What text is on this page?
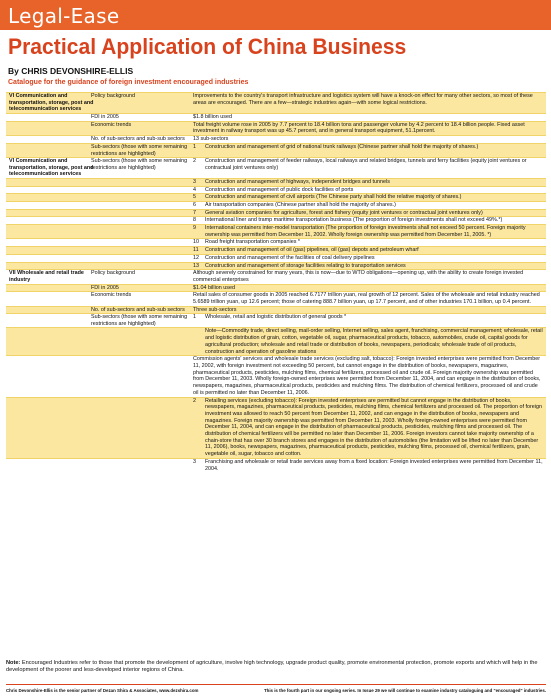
Legal-Ease
Practical Application of China Business
By CHRIS DEVONSHIRE-ELLIS
Catalogue for the guidance of foreign investment encouraged industries
VI Communication and transportation, storage, post and telecommunication services
Policy background	Improvements to the country's transport infrastructure and logistics system will have a knock-on effect for many other sectors, so most of these areas are encouraged. There are a few—strategic industries again—with some logical restrictions.
FDI in 2005	$1.8 billion used
Economic trends	Total freight volume rose in 2005 by 7.7 percent to 18.4 billion tons and passenger volume by 4.2 percent to 18.4 billion people. Fixed asset investment in railway transport was up 45.7 percent, and in general transport equipment, 51.1percent.
No. of sub-sectors and sub-sub sectors	13 sub-sectors
Sub-sectors (those with some remaining restrictions are highlighted)
1	Construction and management of grid of national trunk railways (Chinese partner shall hold the majority of shares.)
VI Communication and transportation, storage, post and telecommunication services
Sub-sectors (those with some remaining restrictions are highlighted)
2	Construction and management of feeder railways, local railways and related bridges, tunnels and ferry facilities (equity joint ventures or contractual joint ventures only)
3	Construction and management of highways, independent bridges and tunnels
4	Construction and management of public dock facilities of ports
5	Construction and management of civil airports (The Chinese party shall hold the relative majority of shares.)
6	Air transportation companies (Chinese partner shall hold the majority of shares.)
7	General aviation companies for agriculture, forest and fishery (equity joint ventures or contractual joint ventures only)
8	International liner and tramp maritime transportation business (The proportion of foreign investments shall not exceed 49%.*)
9	International containers inter-model transportation (The proportion of foreign investments shall not exceed 50 percent. Foreign majority ownership was permitted from December 11, 2002. Wholly foreign ownership was permitted from December 11, 2005. *)
10	Road freight transportation companies *
11	Construction and management of oil (gas) pipelines, oil (gas) depots and petroleum wharf
12	Construction and management of the facilities of coal delivery pipelines
13	Construction and management of storage facilities relating to transportation services
VII Wholesale and retail trade industry
Policy background	Although severely constrained for many years, this is now—due to WTO obligations—opening up, with the ability to create foreign invested commercial enterprises
FDI in 2005	$1.04 billion used
Economic trends	Retail sales of consumer goods in 2005 reached 6.7177 trillion yuan, real growth of 12 percent. Sales of the wholesale and retail industry reached 5.6589 trillion yuan, up 12.6 percent; those of catering 888.7 billion yuan, up 17.7 percent, and of other industries 170.1 billion, up 0.4 percent.
No. of sub-sectors and sub-sub sectors	Three sub-sectors
Sub-sectors (those with some remaining restrictions are highlighted)
1	Wholesale, retail and logistic distribution of general goods *
Note—Commodity trade, direct selling, mail-order selling, Internet selling, sales agent, franchising, commercial management; wholesale, retail and logistic distribution of grain, cotton, vegetable oil, sugar, pharmaceutical products, tobacco, automobiles, crude oil, capital goods for agricultural production; wholesale and retail trade or distribution of books, newspapers, periodicals; wholesale trade of oil products, construction and operation of gasoline stations
Commission agents' services and wholesale trade services (excluding salt, tobacco): Foreign invested enterprises were permitted from December 11, 2002, with foreign investment not exceeding 50 percent, but cannot engage in the distribution of books, newspapers, magazines, pharmaceutical products, pesticides, mulching films, chemical fertilizers, processed oil and crude oil. Foreign majority ownership was permitted from December 11, 2003. Wholly foreign-owned enterprises were permitted from December 11, 2004, and can engage in the distribution of books, newspapers, magazines, pharmaceutical products, pesticides and mulching films. The distribution of chemical fertilizers, processed oil and crude oil is permitted no later than December 11, 2006.
2	Retailing services (excluding tobacco): Foreign invested enterprises are permitted but cannot engage in the distribution of books, newspapers, magazines, pharmaceutical products, pesticides, mulching films, chemical fertilizers and processed oil. The proportion of foreign investment was allowed to reach 50 percent from December 11, 2002, and can engage in the distribution of books, newspapers and magazines. Foreign majority ownership was permitted from December 11, 2003. Wholly foreign-owned enterprises were permitted from December 11, 2004, and can engage in the distribution of pharmaceutical products, pesticides, mulching films and processed oil. The distribution of chemical fertilizers will be permitted no later than December 11, 2006. Foreign investors cannot take majority ownership of a chain-store that has over 30 branch stores and engages in the distribution of automobiles (the limitation will be lifted no later than December 11, 2006), books, newspapers, magazines, pharmaceutical products, pesticides, mulching films, processed oil, chemical fertilizers, grain, vegetable oil, sugar, tobacco and cotton.
3	Franchising and wholesale or retail trade services away from a fixed location: Foreign invested enterprises were permitted from December 11, 2004.
Note: Encouraged Industries refer to those that promote the development of agriculture, involve high technology, upgrade product quality, promote environmental protection, promote exports and which will help in the development of the poorer and less-developed interior regions of China.
Chris Devonshire-Ellis is the senior partner of Dezan Shira & Associates, www.dezshira.com	This is the fourth part in our ongoing series. In Issue 29 we will continue to examine industry cataloguing and "encouraged" industries.
